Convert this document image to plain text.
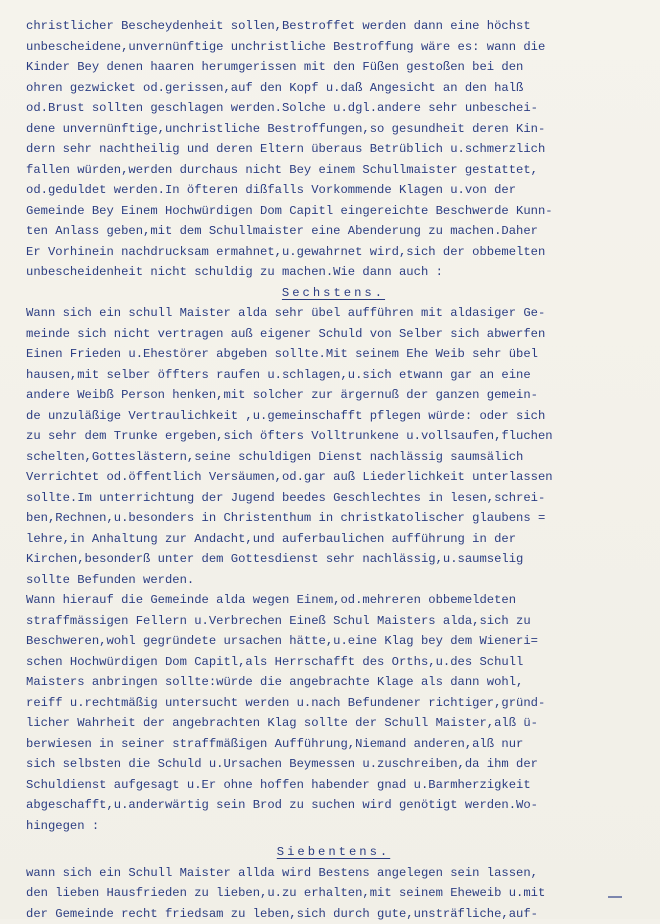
christlicher Bescheydenheit sollen,Bestroffet werden dann eine höchst
unbescheidene,unvernünftige unchristliche Bestroffung wäre es: wann die
Kinder Bey denen haaren herumgerissen mit den Füßen gestoßen bei den
ohren gezwicket od.gerissen,auf den Kopf u.daß Angesicht an den halß
od.Brust sollten geschlagen werden.Solche u.dgl.andere sehr unbeschei-
dene unvernünftige,unchristliche Bestroffungen,so gesundheit deren Kin-
dern sehr nachtheilig und deren Eltern überaus Betrüblich u.schmerzlich
fallen würden,werden durchaus nicht Bey einem Schullmaister gestattet,
od.geduldet werden.In öfteren dißfalls Vorkommende Klagen u.von der
Gemeinde Bey Einem Hochwürdigen Dom Capitl eingereichte Beschwerde Kunn-
ten Anlass geben,mit dem Schullmaister eine Abenderung zu machen.Daher
Er Vorhinein nachdrucksam ermahnet,u.gewahrnet wird,sich der obbemelten
unbescheidenheit nicht schuldig zu machen.Wie dann auch :
Sechstens.
Wann sich ein schull Maister alda sehr übel aufführen mit aldasiger Ge-
meinde sich nicht vertragen auß eigener Schuld von Selber sich abwerfen
Einen Frieden u.Ehestörer abgeben sollte.Mit seinem Ehe Weib sehr übel
hausen,mit selber öffters raufen u.schlagen,u.sich etwann gar an eine
andere Weibß Person henken,mit solcher zur ärgernuß der ganzen gemein-
de unzuläßige Vertraulichkeit ,u.gemeinschafft pflegen würde: oder sich
zu sehr dem Trunke ergeben,sich öfters Volltrunkene u.vollsaufen,fluchen
schelten,Gotteslästern,seine schuldigen Dienst nachlässig saumsälich
Verrichtet od.öffentlich Versäumen,od.gar auß Liederlichkeit unterlassen
sollte.Im unterrichtung der Jugend beedes Geschlechtes in lesen,schrei-
ben,Rechnen,u.besonders in Christenthum in christkatolischer glaubens =
lehre,in Anhaltung zur Andacht,und auferbaulichen aufführung in der
Kirchen,besonderß unter dem Gottesdienst sehr nachlässig,u.saumselig
sollte Befunden werden.
Wann hierauf die Gemeinde alda wegen Einem,od.mehreren obbemeldeten
straffmässigen Fellern u.Verbrechen Eineß Schul Maisters alda,sich zu
Beschweren,wohl gegründete ursachen hätte,u.eine Klag bey dem Wieneri=
schen Hochwürdigen Dom Capitl,als Herrschafft des Orths,u.des Schull
Maisters anbringen sollte:würde die angebrachte Klage als dann wohl,
reiff u.rechtmäßig untersucht werden u.nach Befundener richtiger,gründ-
licher Wahrheit der angebrachten Klag sollte der Schull Maister,alß ü-
berwiesen in seiner straffmäßigen Aufführung,Niemand anderen,alß nur
sich selbsten die Schuld u.Ursachen Beymessen u.zuschreiben,da ihm der
Schuldienst aufgesagt u.Er ohne hoffen habender gnad u.Barmherzigkeit
abgeschafft,u.anderwärtig sein Brod zu suchen wird genötigt werden.Wo-
hingegen :
Siebentens.
wann sich ein Schull Maister allda wird Bestens angelegen sein lassen,
den lieben Hausfrieden zu lieben,u.zu erhalten,mit seinem Eheweib u.mit
der Gemeinde recht friedsam zu leben,sich durch gute,unsträfliche,auf-
